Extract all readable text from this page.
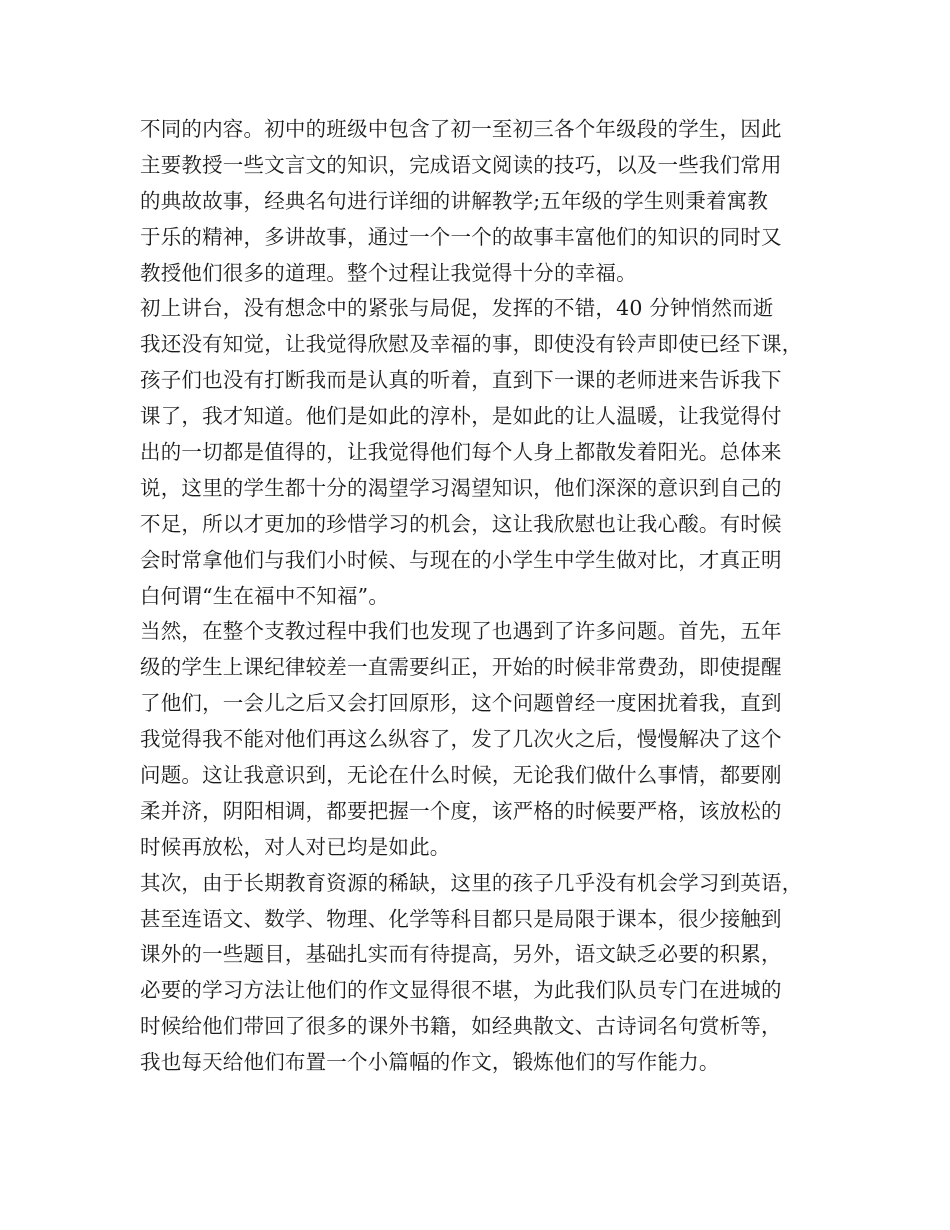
不同的内容。初中的班级中包含了初一至初三各个年级段的学生，因此
主要教授一些文言文的知识，完成语文阅读的技巧，以及一些我们常用
的典故故事，经典名句进行详细的讲解教学;五年级的学生则秉着寓教
于乐的精神，多讲故事，通过一个一个的故事丰富他们的知识的同时又
教授他们很多的道理。整个过程让我觉得十分的幸福。
初上讲台，没有想念中的紧张与局促，发挥的不错，40 分钟悄然而逝
我还没有知觉，让我觉得欣慰及幸福的事，即使没有铃声即使已经下课，
孩子们也没有打断我而是认真的听着，直到下一课的老师进来告诉我下
课了，我才知道。他们是如此的淳朴，是如此的让人温暖，让我觉得付
出的一切都是值得的，让我觉得他们每个人身上都散发着阳光。总体来
说，这里的学生都十分的渴望学习渴望知识，他们深深的意识到自己的
不足，所以才更加的珍惜学习的机会，这让我欣慰也让我心酸。有时候
会时常拿他们与我们小时候、与现在的小学生中学生做对比，才真正明
白何谓“生在福中不知福”。
当然，在整个支教过程中我们也发现了也遇到了许多问题。首先，五年
级的学生上课纪律较差一直需要纠正，开始的时候非常费劲，即使提醒
了他们，一会儿之后又会打回原形，这个问题曾经一度困扰着我，直到
我觉得我不能对他们再这么纵容了，发了几次火之后，慢慢解决了这个
问题。这让我意识到，无论在什么时候，无论我们做什么事情，都要刚
柔并济，阴阳相调，都要把握一个度，该严格的时候要严格，该放松的
时候再放松，对人对已均是如此。
其次，由于长期教育资源的稀缺，这里的孩子几乎没有机会学习到英语，
甚至连语文、数学、物理、化学等科目都只是局限于课本，很少接触到
课外的一些题目，基础扎实而有待提高，另外，语文缺乏必要的积累，
必要的学习方法让他们的作文显得很不堪，为此我们队员专门在进城的
时候给他们带回了很多的课外书籍，如经典散文、古诗词名句赏析等，
我也每天给他们布置一个小篇幅的作文，锻炼他们的写作能力。
